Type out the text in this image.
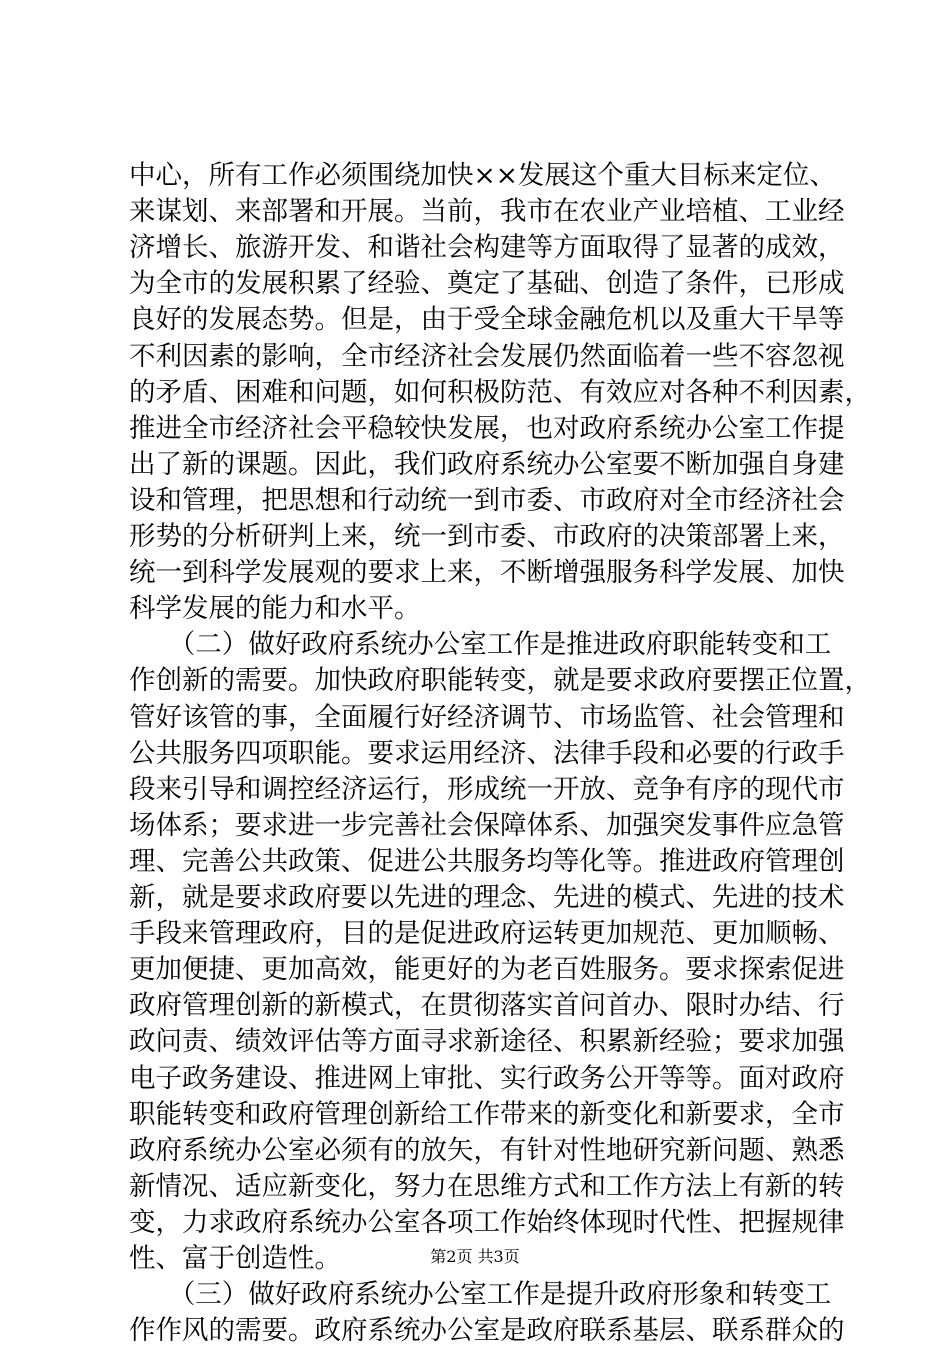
中心，所有工作必须围绕加快××发展这个重大目标来定位、
来谋划、来部署和开展。当前，我市在农业产业培植、工业经
济增长、旅游开发、和谐社会构建等方面取得了显著的成效，
为全市的发展积累了经验、奠定了基础、创造了条件，已形成
良好的发展态势。但是，由于受全球金融危机以及重大干旱等
不利因素的影响，全市经济社会发展仍然面临着一些不容忽视
的矛盾、困难和问题，如何积极防范、有效应对各种不利因素，
推进全市经济社会平稳较快发展，也对政府系统办公室工作提
出了新的课题。因此，我们政府系统办公室要不断加强自身建
设和管理，把思想和行动统一到市委、市政府对全市经济社会
形势的分析研判上来，统一到市委、市政府的决策部署上来，
统一到科学发展观的要求上来，不断增强服务科学发展、加快
科学发展的能力和水平。
　　（二）做好政府系统办公室工作是推进政府职能转变和工
作创新的需要。加快政府职能转变，就是要求政府要摆正位置，
管好该管的事，全面履行好经济调节、市场监管、社会管理和
公共服务四项职能。要求运用经济、法律手段和必要的行政手
段来引导和调控经济运行，形成统一开放、竞争有序的现代市
场体系；要求进一步完善社会保障体系、加强突发事件应急管
理、完善公共政策、促进公共服务均等化等。推进政府管理创
新，就是要求政府要以先进的理念、先进的模式、先进的技术
手段来管理政府，目的是促进政府运转更加规范、更加顺畅、
更加便捷、更加高效，能更好的为老百姓服务。要求探索促进
政府管理创新的新模式，在贯彻落实首问首办、限时办结、行
政问责、绩效评估等方面寻求新途径、积累新经验；要求加强
电子政务建设、推进网上审批、实行政务公开等等。面对政府
职能转变和政府管理创新给工作带来的新变化和新要求，全市
政府系统办公室必须有的放矢，有针对性地研究新问题、熟悉
新情况、适应新变化，努力在思维方式和工作方法上有新的转
变，力求政府系统办公室各项工作始终体现时代性、把握规律
性、富于创造性。
　　（三）做好政府系统办公室工作是提升政府形象和转变工
作作风的需要。政府系统办公室是政府联系基层、联系群众的
第2页 共3页
